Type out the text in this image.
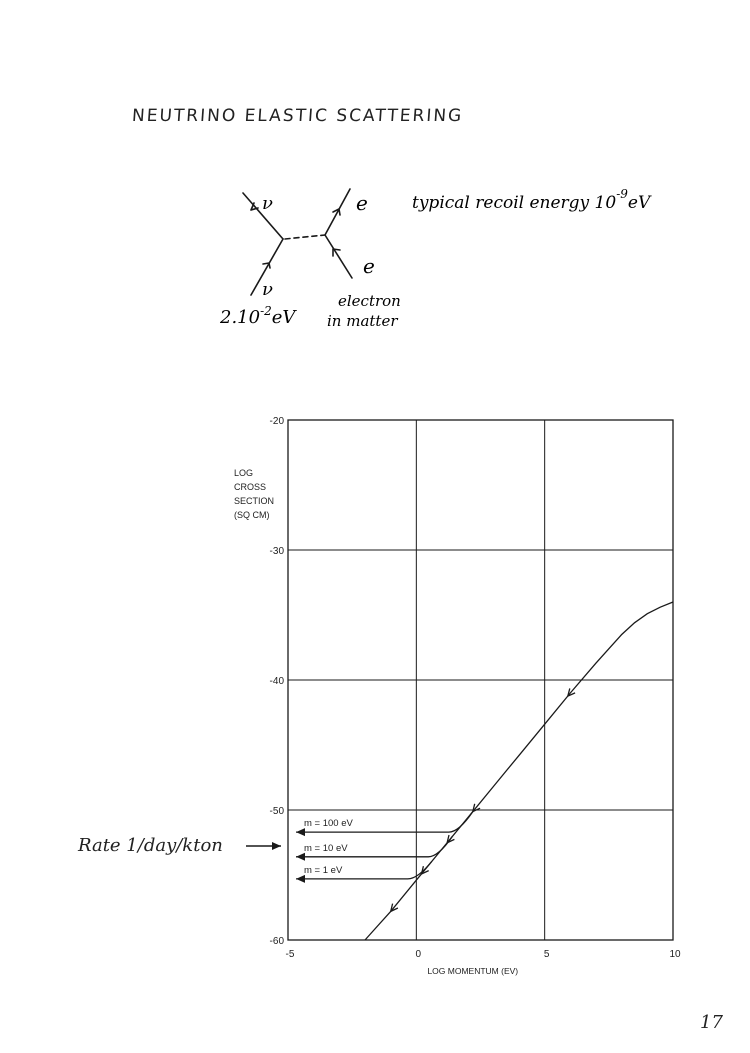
NEUTRINO ELASTIC SCATTERING
ν	e
ν
e
$2.10^{-2}eV$
electron
in matter
typical recoil energy $10^{-9}eV$
m = 100 eV
m = 10 eV
m = 1 eV
-20
-30
-40
-50
-60
-5	0	5	10
LOG MOMENTUM (EV)
LOG
CROSS
SECTION
(SQ CM)
Rate 1/day/kton
17
